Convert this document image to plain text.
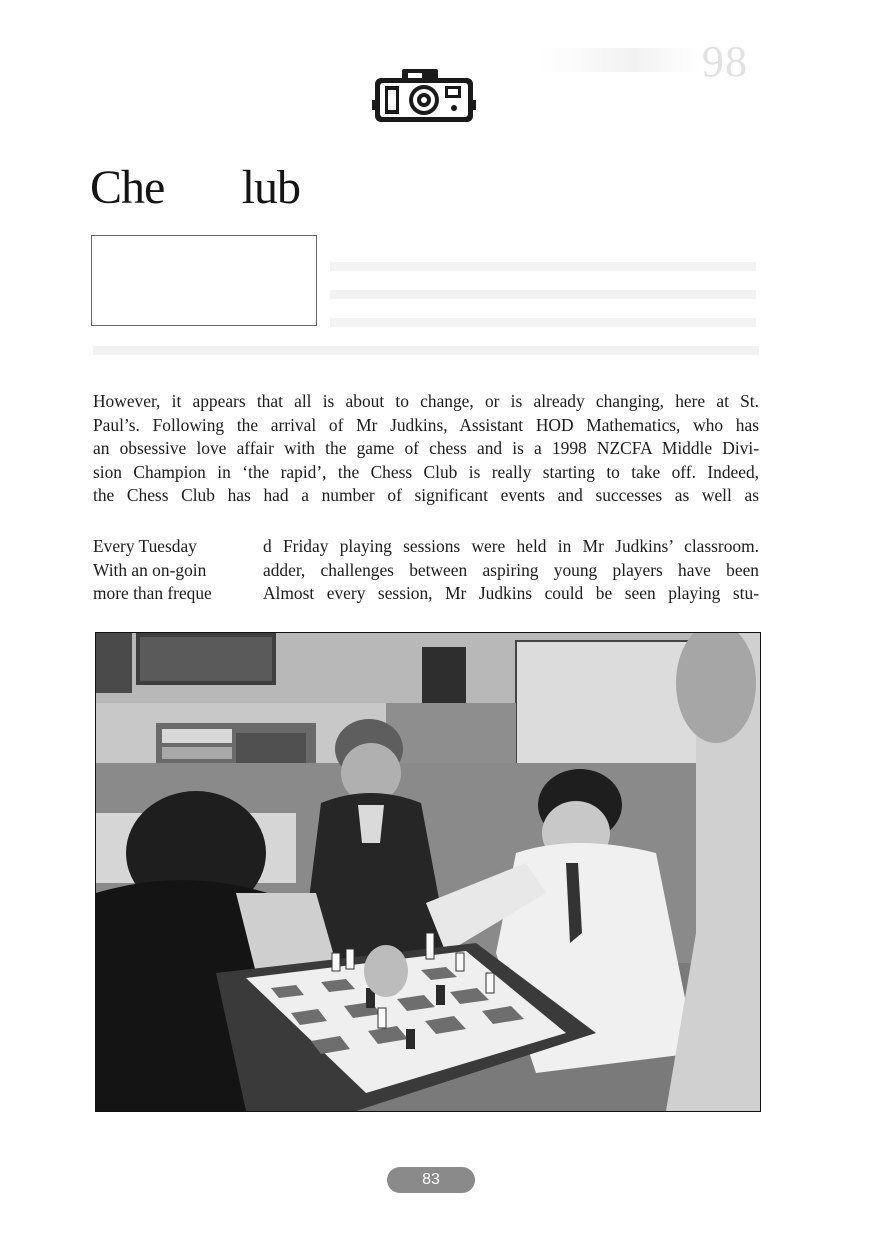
98
Che lub
However, it appears that all is about to change, or is already changing, here at St.
Paul’s. Following the arrival of Mr Judkins, Assistant HOD Mathematics, who has
an obsessive love affair with the game of chess and is a 1998 NZCFA Middle Divi-
sion Champion in ‘the rapid’, the Chess Club is really starting to take off. Indeed,
the Chess Club has had a number of significant events and successes as well as
Every Tuesday	d Friday playing sessions were held in Mr Judkins’ classroom.
With an on-goin	adder, challenges between aspiring young players have been
more than freque	Almost every session, Mr Judkins could be seen playing stu-
83
